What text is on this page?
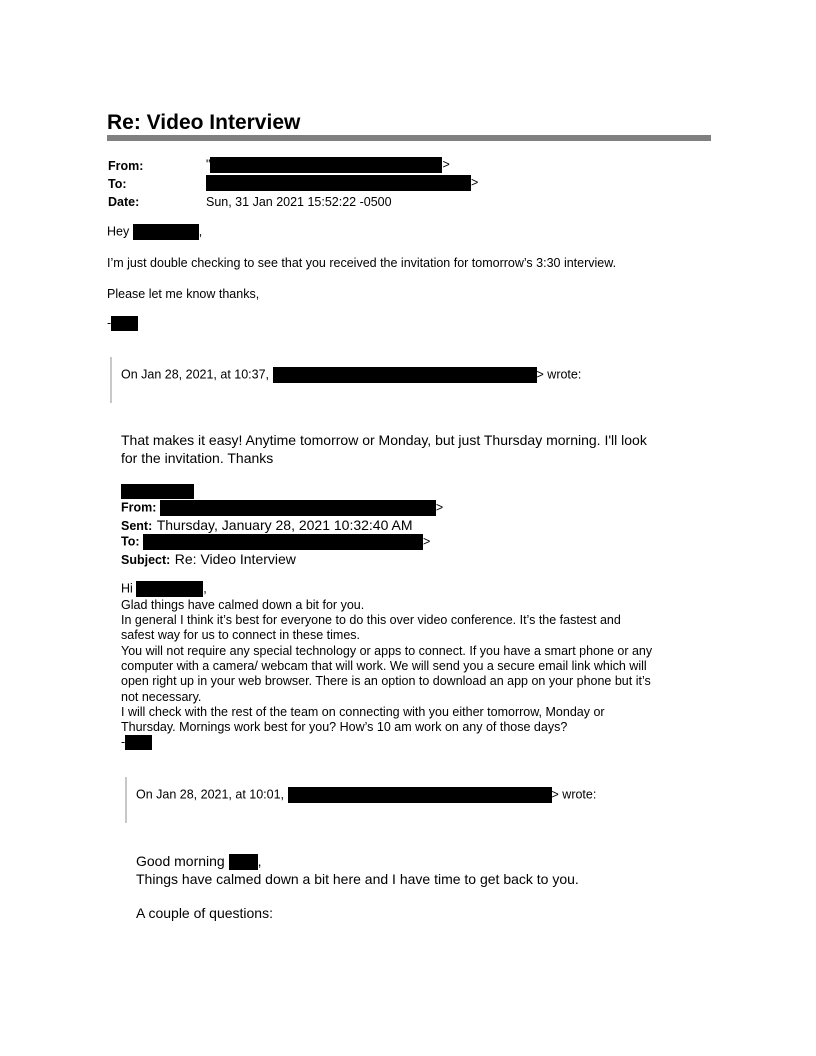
Re: Video Interview
From:	"	>
To:	>
Date:	Sun, 31 Jan 2021 15:52:22 -0500
Hey	,
I’m just double checking to see that you received the invitation for tomorrow’s 3:30 interview.
Please let me know thanks,
-
On Jan 28, 2021, at 10:37,	> wrote:
That makes it easy! Anytime tomorrow or Monday, but just Thursday morning. I'll look
for the invitation. Thanks
From:	>
Sent: Thursday, January 28, 2021 10:32:40 AM
To:	>
Subject: Re: Video Interview
Hi	,
Glad things have calmed down a bit for you.
In general I think it’s best for everyone to do this over video conference. It’s the fastest and
safest way for us to connect in these times.
You will not require any special technology or apps to connect. If you have a smart phone or any
computer with a camera/ webcam that will work. We will send you a secure email link which will
open right up in your web browser. There is an option to download an app on your phone but it’s
not necessary.
I will check with the rest of the team on connecting with you either tomorrow, Monday or
Thursday. Mornings work best for you? How’s 10 am work on any of those days?
-
On Jan 28, 2021, at 10:01,	> wrote:
Good morning ,
Things have calmed down a bit here and I have time to get back to you.
A couple of questions:
